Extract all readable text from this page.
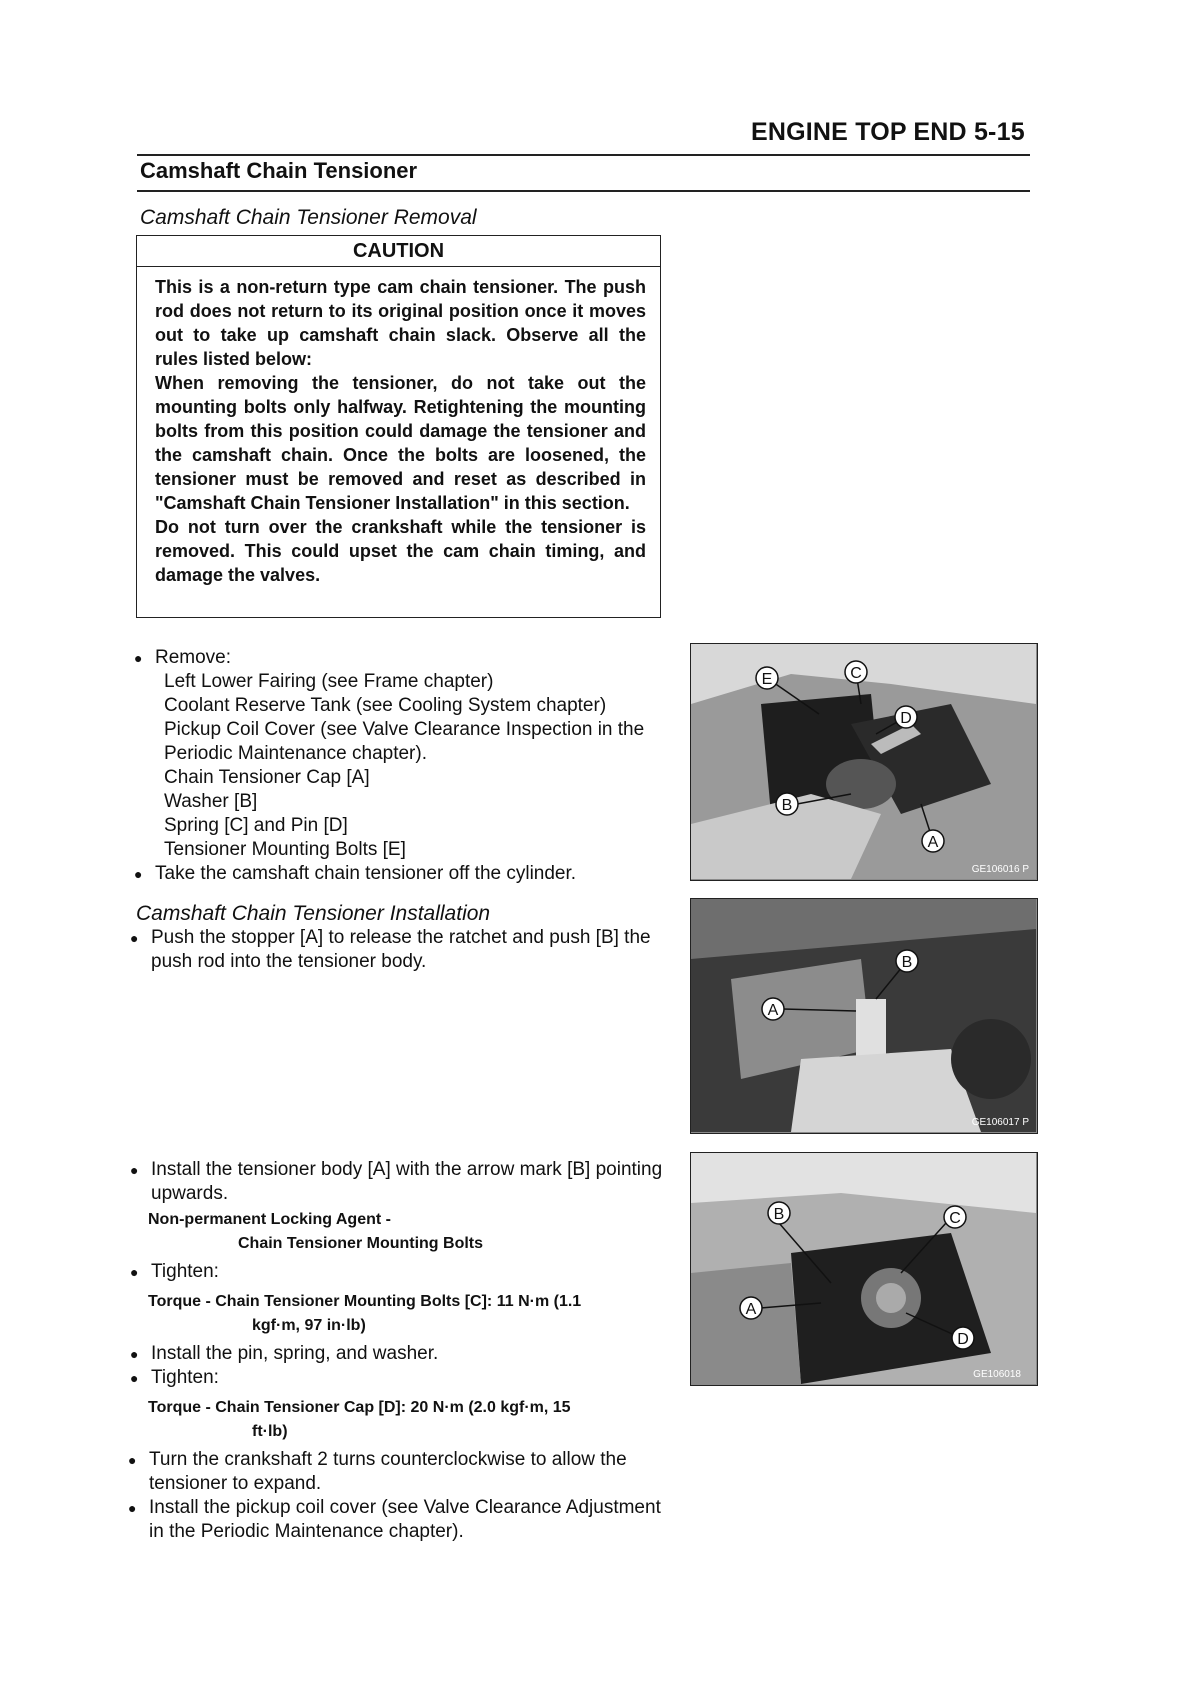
ENGINE TOP END 5-15
Camshaft Chain Tensioner
Camshaft Chain Tensioner Removal
CAUTION

This is a non-return type cam chain tensioner. The push rod does not return to its original position once it moves out to take up camshaft chain slack. Observe all the rules listed below:

When removing the tensioner, do not take out the mounting bolts only halfway. Retightening the mounting bolts from this position could damage the tensioner and the camshaft chain. Once the bolts are loosened, the tensioner must be removed and reset as described in "Camshaft Chain Tensioner Installation" in this section.

Do not turn over the crankshaft while the tensioner is removed. This could upset the cam chain timing, and damage the valves.

● Remove:
Left Lower Fairing (see Frame chapter)
Coolant Reserve Tank (see Cooling System chapter)
Pickup Coil Cover (see Valve Clearance Inspection in the Periodic Maintenance chapter).
Chain Tensioner Cap [A]
Washer [B]
Spring [C] and Pin [D]
Tensioner Mounting Bolts [E]
● Take the camshaft chain tensioner off the cylinder.
Camshaft Chain Tensioner Installation
● Push the stopper [A] to release the ratchet and push [B] the push rod into the tensioner body.
● Install the tensioner body [A] with the arrow mark [B] pointing upwards.
Non-permanent Locking Agent -
Chain Tensioner Mounting Bolts
● Tighten:
Torque - Chain Tensioner Mounting Bolts [C]: 11 N·m (1.1
kgf·m, 97 in·lb)
● Install the pin, spring, and washer.
● Tighten:
Torque - Chain Tensioner Cap [D]: 20 N·m (2.0 kgf·m, 15
ft·lb)
● Turn the crankshaft 2 turns counterclockwise to allow the tensioner to expand.
● Install the pickup coil cover (see Valve Clearance Adjustment in the Periodic Maintenance chapter).
E	C
D
B
A
GE106016 P
B
A
GE106017 P
B	C
A
D
GE106018
